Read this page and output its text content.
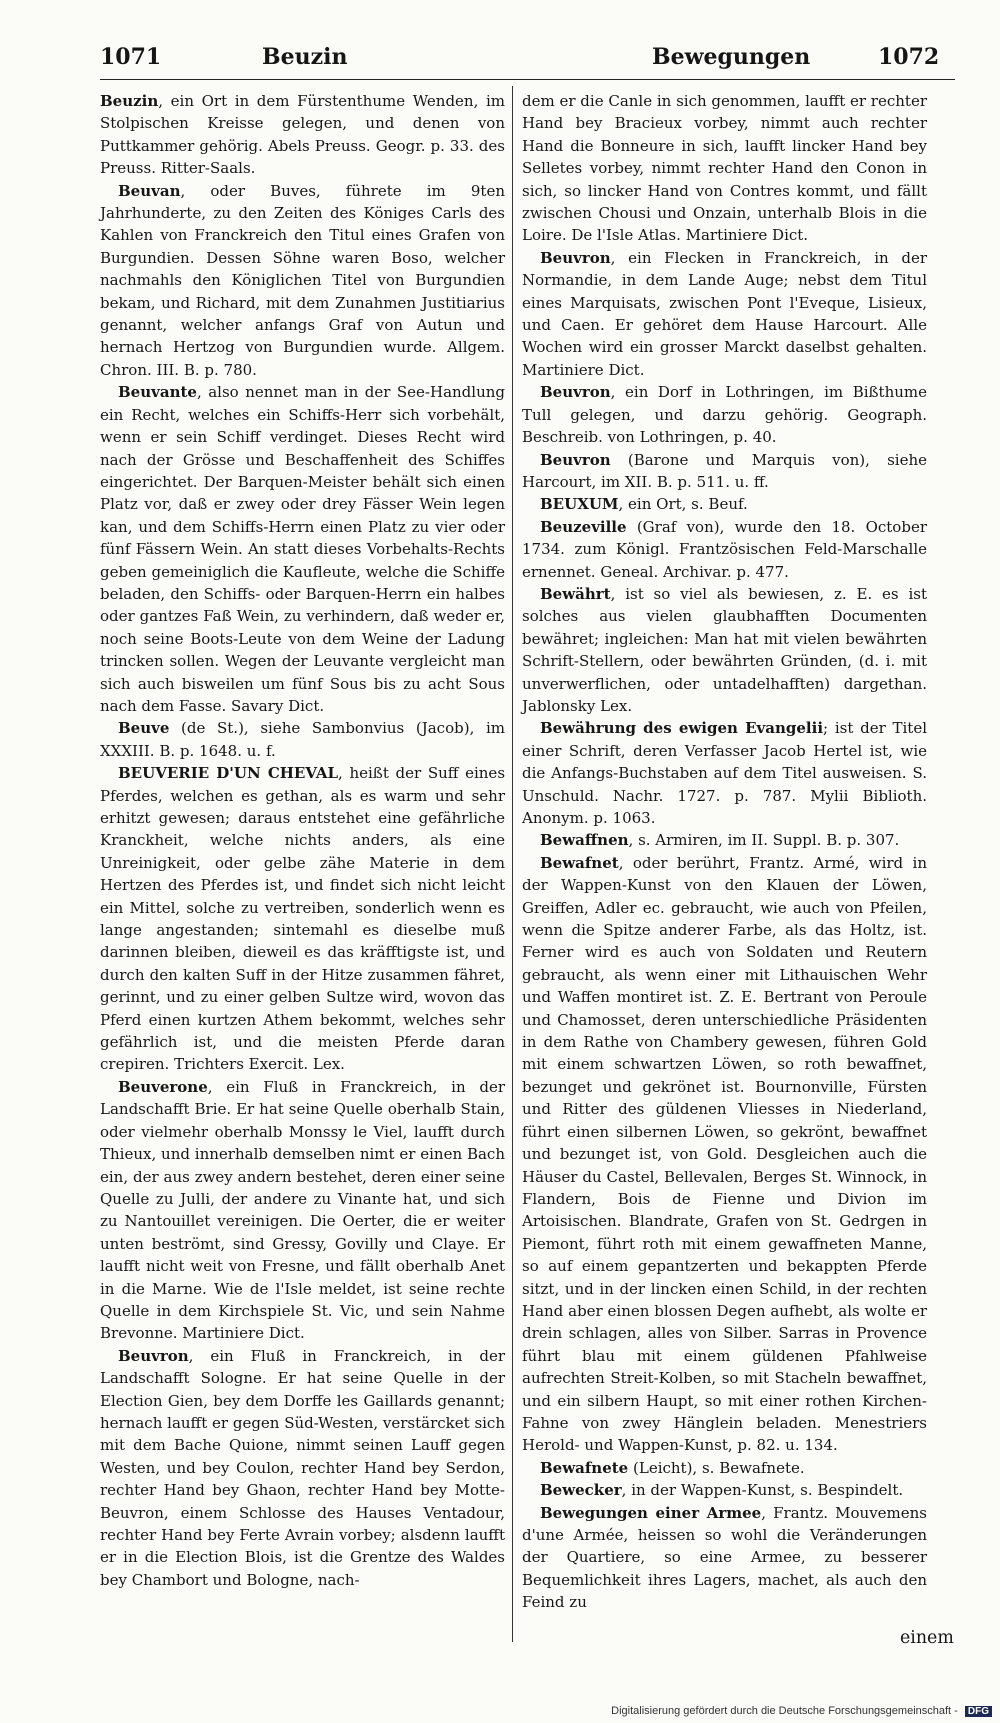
1071	Beuzin	Bewegungen	1072

Beuzin, ein Ort in dem Fürstenthume Wenden, im Stolpischen Kreisse gelegen, und denen von Puttkammer gehörig. Abels Preuss. Geogr. p. 33. des Preuss. Ritter-Saals.

Beuvan, oder Buves, führete im 9ten Jahrhunderte, zu den Zeiten des Königes Carls des Kahlen von Franckreich den Titul eines Grafen von Burgundien. Dessen Söhne waren Boso, welcher nachmahls den Königlichen Titel von Burgundien bekam, und Richard, mit dem Zunahmen Justitiarius genannt, welcher anfangs Graf von Autun und hernach Hertzog von Burgundien wurde. Allgem. Chron. III. B. p. 780.

Beuvante, also nennet man in der See-Handlung ein Recht, welches ein Schiffs-Herr sich vorbehält, wenn er sein Schiff verdinget. Dieses Recht wird nach der Grösse und Beschaffenheit des Schiffes eingerichtet. Der Barquen-Meister behält sich einen Platz vor, daß er zwey oder drey Fässer Wein legen kan, und dem Schiffs-Herrn einen Platz zu vier oder fünf Fässern Wein. An statt dieses Vorbehalts-Rechts geben gemeiniglich die Kaufleute, welche die Schiffe beladen, den Schiffs- oder Barquen-Herrn ein halbes oder gantzes Faß Wein, zu verhindern, daß weder er, noch seine Boots-Leute von dem Weine der Ladung trincken sollen. Wegen der Leuvante vergleicht man sich auch bisweilen um fünf Sous bis zu acht Sous nach dem Fasse. Savary Dict.

Beuve (de St.), siehe Sambonvius (Jacob), im XXXIII. B. p. 1648. u. f.

BEUVERIE D'UN CHEVAL, heißt der Suff eines Pferdes, welchen es gethan, als es warm und sehr erhitzt gewesen; daraus entstehet eine gefährliche Kranckheit, welche nichts anders, als eine Unreinigkeit, oder gelbe zähe Materie in dem Hertzen des Pferdes ist, und findet sich nicht leicht ein Mittel, solche zu vertreiben, sonderlich wenn es lange angestanden; sintemahl es dieselbe muß darinnen bleiben, dieweil es das kräfftigste ist, und durch den kalten Suff in der Hitze zusammen fähret, gerinnt, und zu einer gelben Sultze wird, wovon das Pferd einen kurtzen Athem bekommt, welches sehr gefährlich ist, und die meisten Pferde daran crepiren. Trichters Exercit. Lex.

Beuverone, ein Fluß in Franckreich, in der Landschafft Brie. Er hat seine Quelle oberhalb Stain, oder vielmehr oberhalb Monssy le Viel, laufft durch Thieux, und innerhalb demselben nimt er einen Bach ein, der aus zwey andern bestehet, deren einer seine Quelle zu Julli, der andere zu Vinante hat, und sich zu Nantouillet vereinigen. Die Oerter, die er weiter unten beströmt, sind Gressy, Govilly und Claye. Er laufft nicht weit von Fresne, und fällt oberhalb Anet in die Marne. Wie de l'Isle meldet, ist seine rechte Quelle in dem Kirchspiele St. Vic, und sein Nahme Brevonne. Martiniere Dict.

Beuvron, ein Fluß in Franckreich, in der Landschafft Sologne. Er hat seine Quelle in der Election Gien, bey dem Dorffe les Gaillards genannt; hernach laufft er gegen Süd-Westen, verstärcket sich mit dem Bache Quione, nimmt seinen Lauff gegen Westen, und bey Coulon, rechter Hand bey Serdon, rechter Hand bey Ghaon, rechter Hand bey Motte-Beuvron, einem Schlosse des Hauses Ventadour, rechter Hand bey Ferte Avrain vorbey; alsdenn laufft er in die Election Blois, ist die Grentze des Waldes bey Chambort und Bologne, nach-

dem er die Canle in sich genommen, laufft er rechter Hand bey Bracieux vorbey, nimmt auch rechter Hand die Bonneure in sich, laufft lincker Hand bey Selletes vorbey, nimmt rechter Hand den Conon in sich, so lincker Hand von Contres kommt, und fällt zwischen Chousi und Onzain, unterhalb Blois in die Loire. De l'Isle Atlas. Martiniere Dict.

Beuvron, ein Flecken in Franckreich, in der Normandie, in dem Lande Auge; nebst dem Titul eines Marquisats, zwischen Pont l'Eveque, Lisieux, und Caen. Er gehöret dem Hause Harcourt. Alle Wochen wird ein grosser Marckt daselbst gehalten. Martiniere Dict.

Beuvron, ein Dorf in Lothringen, im Bißthume Tull gelegen, und darzu gehörig. Geograph. Beschreib. von Lothringen, p. 40.

Beuvron (Barone und Marquis von), siehe Harcourt, im XII. B. p. 511. u. ff.

BEUXUM, ein Ort, s. Beuf.

Beuzeville (Graf von), wurde den 18. October 1734. zum Königl. Frantzösischen Feld-Marschalle ernennet. Geneal. Archivar. p. 477.

Bewährt, ist so viel als bewiesen, z. E. es ist solches aus vielen glaubhafften Documenten bewähret; ingleichen: Man hat mit vielen bewährten Schrift-Stellern, oder bewährten Gründen, (d. i. mit unverwerflichen, oder untadelhafften) dargethan. Jablonsky Lex.

Bewährung des ewigen Evangelii; ist der Titel einer Schrift, deren Verfasser Jacob Hertel ist, wie die Anfangs-Buchstaben auf dem Titel ausweisen. S. Unschuld. Nachr. 1727. p. 787. Mylii Biblioth. Anonym. p. 1063.

Bewaffnen, s. Armiren, im II. Suppl. B. p. 307.

Bewafnet, oder berührt, Frantz. Armé, wird in der Wappen-Kunst von den Klauen der Löwen, Greiffen, Adler ec. gebraucht, wie auch von Pfeilen, wenn die Spitze anderer Farbe, als das Holtz, ist. Ferner wird es auch von Soldaten und Reutern gebraucht, als wenn einer mit Lithauischen Wehr und Waffen montiret ist. Z. E. Bertrant von Peroule und Chamosset, deren unterschiedliche Präsidenten in dem Rathe von Chambery gewesen, führen Gold mit einem schwartzen Löwen, so roth bewaffnet, bezunget und gekrönet ist. Bournonville, Fürsten und Ritter des güldenen Vliesses in Niederland, führt einen silbernen Löwen, so gekrönt, bewaffnet und bezunget ist, von Gold. Desgleichen auch die Häuser du Castel, Bellevalen, Berges St. Winnock, in Flandern, Bois de Fienne und Divion im Artoisischen. Blandrate, Grafen von St. Gedrgen in Piemont, führt roth mit einem gewaffneten Manne, so auf einem gepantzerten und bekappten Pferde sitzt, und in der lincken einen Schild, in der rechten Hand aber einen blossen Degen aufhebt, als wolte er drein schlagen, alles von Silber. Sarras in Provence führt blau mit einem güldenen Pfahlweise aufrechten Streit-Kolben, so mit Stacheln bewaffnet, und ein silbern Haupt, so mit einer rothen Kirchen-Fahne von zwey Hänglein beladen. Menestriers Herold- und Wappen-Kunst, p. 82. u. 134.

Bewafnete (Leicht), s. Bewafnete.

Bewecker, in der Wappen-Kunst, s. Bespindelt.

Bewegungen einer Armee, Frantz. Mouvemens d'une Armée, heissen so wohl die Veränderungen der Quartiere, so eine Armee, zu besserer Bequemlichkeit ihres Lagers, machet, als auch den Feind zu

einem
Digitalisierung gefördert durch die Deutsche Forschungsgemeinschaft - DFG
